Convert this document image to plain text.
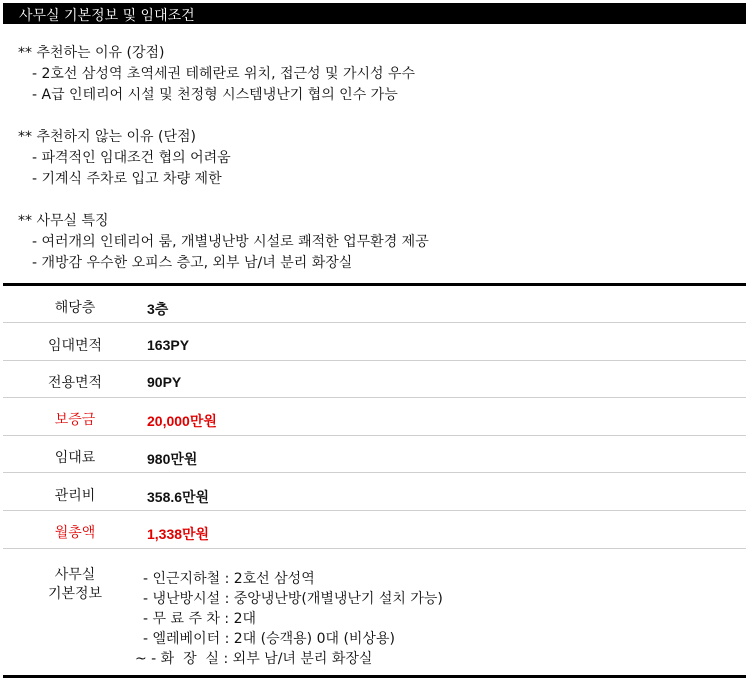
사무실 기본정보 및 임대조건
** 추천하는 이유 (강점)
- 2호선 삼성역 초역세권 테헤란로 위치, 접근성 및 가시성 우수
- A급 인테리어 시설 및 천정형 시스템냉난기 협의 인수 가능
** 추천하지 않는 이유 (단점)
- 파격적인 임대조건 협의 어려움
- 기계식 주차로 입고 차량 제한
** 사무실 특징
- 여러개의 인테리어 룸, 개별냉난방 시설로 쾌적한 업무환경 제공
- 개방감 우수한 오피스 층고, 외부 남/녀 분리 화장실
해당층	3층
임대면적	163PY
전용면적	90PY
보증금	20,000만원
임대료	980만원
관리비	358.6만원
월총액	1,338만원
사무실
기본정보
- 인근지하철 : 2호선 삼성역
- 냉난방시설 : 중앙냉난방(개별냉난기 설치 가능)
- 무 료 주 차 : 2대
- 엘레베이터 : 2대 (승객용) 0대 (비상용)
~ - 화  장  실 : 외부 남/녀 분리 화장실
